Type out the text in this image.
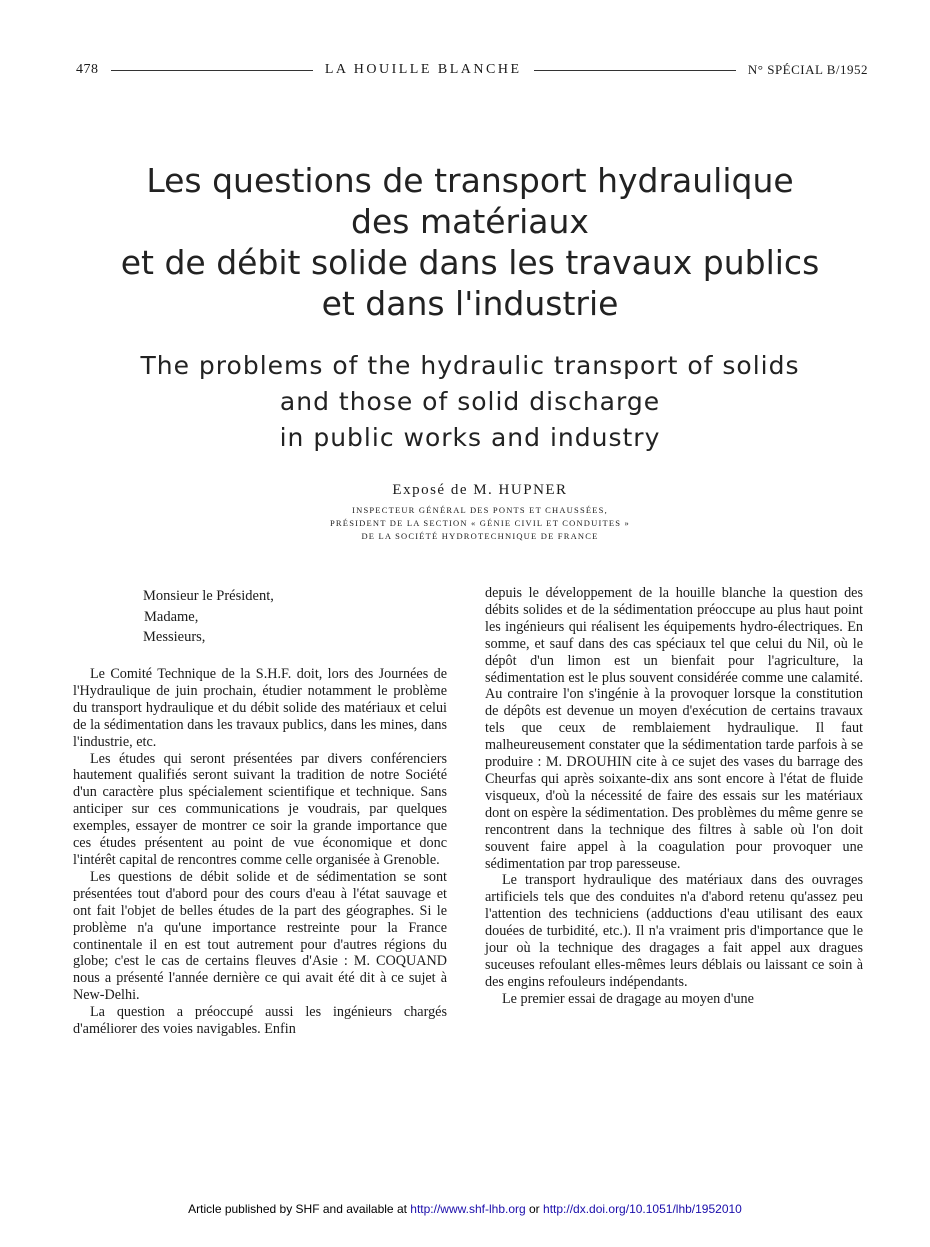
478	LA HOUILLE BLANCHE	N° SPÉCIAL B/1952
Les questions de transport hydraulique
des matériaux
et de débit solide dans les travaux publics
et dans l'industrie
The problems of the hydraulic transport of solids
and those of solid discharge
in public works and industry
Exposé de M. HUPNER
INSPECTEUR GÉNÉRAL DES PONTS ET CHAUSSÉES,
PRÉSIDENT DE LA SECTION « GÉNIE CIVIL ET CONDUITES »
DE LA SOCIÉTÉ HYDROTECHNIQUE DE FRANCE
Monsieur le Président,
Madame,
Messieurs,

Le Comité Technique de la S.H.F. doit, lors des Journées de l'Hydraulique de juin prochain, étudier notamment le problème du transport hydraulique et du débit solide des matériaux et celui de la sédimentation dans les travaux publics, dans les mines, dans l'industrie, etc.

Les études qui seront présentées par divers conférenciers hautement qualifiés seront suivant la tradition de notre Société d'un caractère plus spécialement scientifique et technique. Sans anticiper sur ces communications je voudrais, par quelques exemples, essayer de montrer ce soir la grande importance que ces études présentent au point de vue économique et donc l'intérêt capital de rencontres comme celle organisée à Grenoble.

Les questions de débit solide et de sédimentation se sont présentées tout d'abord pour des cours d'eau à l'état sauvage et ont fait l'objet de belles études de la part des géographes. Si le problème n'a qu'une importance restreinte pour la France continentale il en est tout autrement pour d'autres régions du globe; c'est le cas de certains fleuves d'Asie : M. COQUAND nous a présenté l'année dernière ce qui avait été dit à ce sujet à New-Delhi.

La question a préoccupé aussi les ingénieurs chargés d'améliorer des voies navigables. Enfin

depuis le développement de la houille blanche la question des débits solides et de la sédimentation préoccupe au plus haut point les ingénieurs qui réalisent les équipements hydro-électriques. En somme, et sauf dans des cas spéciaux tel que celui du Nil, où le dépôt d'un limon est un bienfait pour l'agriculture, la sédimentation est le plus souvent considérée comme une calamité. Au contraire l'on s'ingénie à la provoquer lorsque la constitution de dépôts est devenue un moyen d'exécution de certains travaux tels que ceux de remblaiement hydraulique. Il faut malheureusement constater que la sédimentation tarde parfois à se produire : M. DROUHIN cite à ce sujet des vases du barrage des Cheurfas qui après soixante-dix ans sont encore à l'état de fluide visqueux, d'où la nécessité de faire des essais sur les matériaux dont on espère la sédimentation. Des problèmes du même genre se rencontrent dans la technique des filtres à sable où l'on doit souvent faire appel à la coagulation pour provoquer une sédimentation par trop paresseuse.

Le transport hydraulique des matériaux dans des ouvrages artificiels tels que des conduites n'a d'abord retenu qu'assez peu l'attention des techniciens (adductions d'eau utilisant des eaux douées de turbidité, etc.). Il n'a vraiment pris d'importance que le jour où la technique des dragages a fait appel aux dragues suceuses refoulant elles-mêmes leurs déblais ou laissant ce soin à des engins refouleurs indépendants.

Le premier essai de dragage au moyen d'une

Article published by SHF and available at http://www.shf-lhb.org or http://dx.doi.org/10.1051/lhb/1952010
